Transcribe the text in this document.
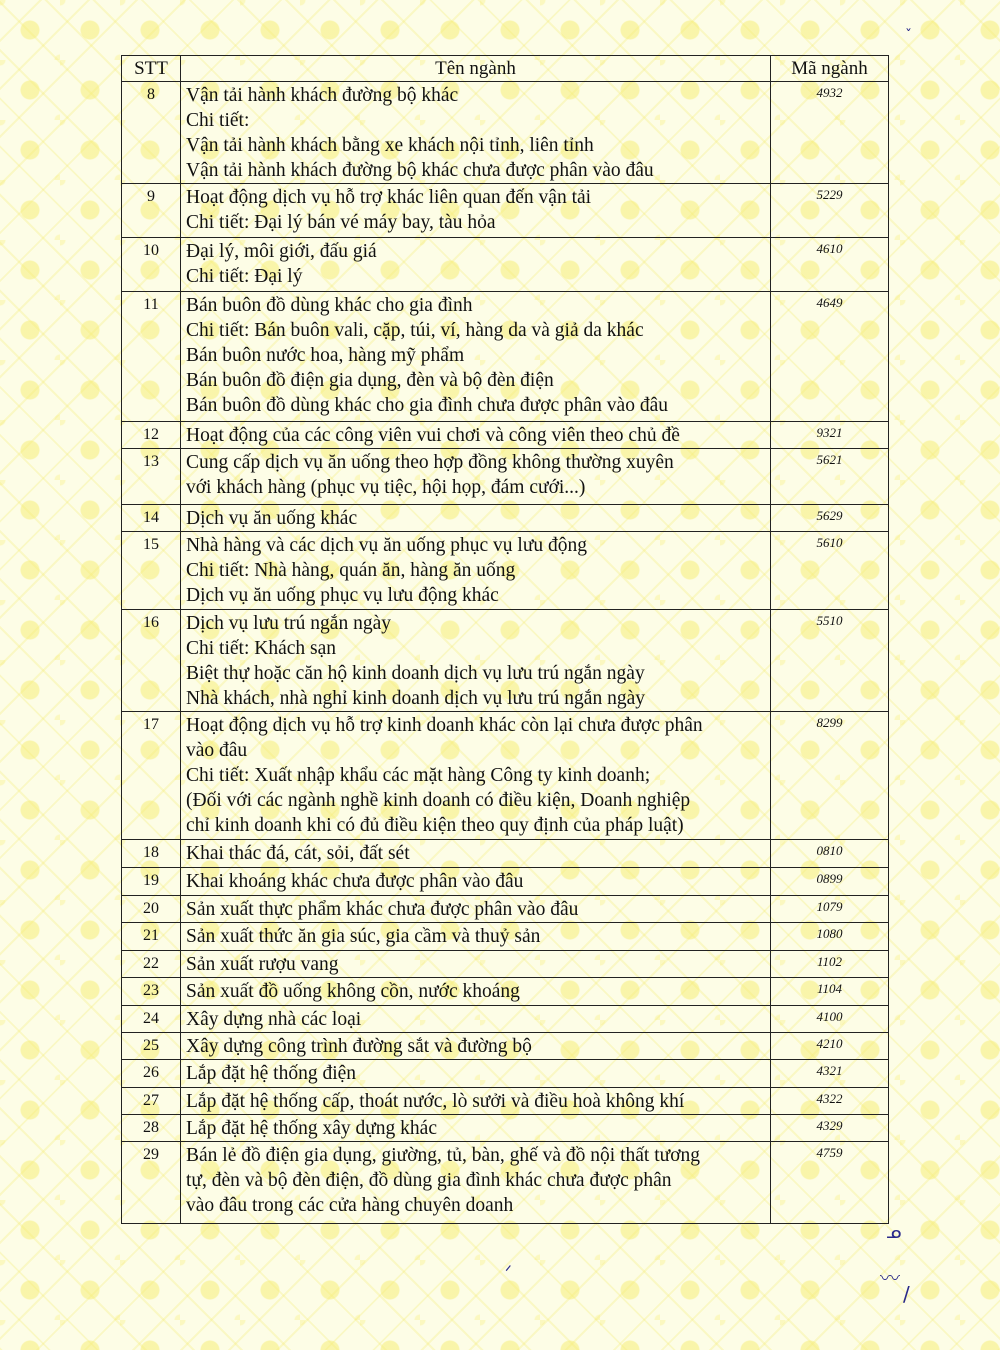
STT	Tên ngành	Mã ngành
8	Vận tải hành khách đường bộ khác
Chi tiết:
Vận tải hành khách bằng xe khách nội tỉnh, liên tỉnh
Vận tải hành khách đường bộ khác chưa được phân vào đâu	4932
9	Hoạt động dịch vụ hỗ trợ khác liên quan đến vận tải
Chi tiết: Đại lý bán vé máy bay, tàu hỏa	5229
10	Đại lý, môi giới, đấu giá
Chi tiết: Đại lý	4610
11	Bán buôn đồ dùng khác cho gia đình
Chi tiết: Bán buôn vali, cặp, túi, ví, hàng da và giả da khác
Bán buôn nước hoa, hàng mỹ phẩm
Bán buôn đồ điện gia dụng, đèn và bộ đèn điện
Bán buôn đồ dùng khác cho gia đình chưa được phân vào đâu	4649
12	Hoạt động của các công viên vui chơi và công viên theo chủ đề	9321
13	Cung cấp dịch vụ ăn uống theo hợp đồng không thường xuyên
với khách hàng (phục vụ tiệc, hội họp, đám cưới...)	5621
14	Dịch vụ ăn uống khác	5629
15	Nhà hàng và các dịch vụ ăn uống phục vụ lưu động
Chi tiết: Nhà hàng, quán ăn, hàng ăn uống
Dịch vụ ăn uống phục vụ lưu động khác	5610
16	Dịch vụ lưu trú ngắn ngày
Chi tiết: Khách sạn
Biệt thự hoặc căn hộ kinh doanh dịch vụ lưu trú ngắn ngày
Nhà khách, nhà nghỉ kinh doanh dịch vụ lưu trú ngắn ngày	5510
17	Hoạt động dịch vụ hỗ trợ kinh doanh khác còn lại chưa được phân
vào đâu
Chi tiết: Xuất nhập khẩu các mặt hàng Công ty kinh doanh;
(Đối với các ngành nghề kinh doanh có điều kiện, Doanh nghiệp
chỉ kinh doanh khi có đủ điều kiện theo quy định của pháp luật)	8299
18	Khai thác đá, cát, sỏi, đất sét	0810
19	Khai khoáng khác chưa được phân vào đâu	0899
20	Sản xuất thực phẩm khác chưa được phân vào đâu	1079
21	Sản xuất thức ăn gia súc, gia cầm và thuỷ sản	1080
22	Sản xuất rượu vang	1102
23	Sản xuất đồ uống không cồn, nước khoáng	1104
24	Xây dựng nhà các loại	4100
25	Xây dựng công trình đường sắt và đường bộ	4210
26	Lắp đặt hệ thống điện	4321
27	Lắp đặt hệ thống cấp, thoát nước, lò sưởi và điều hoà không khí	4322
28	Lắp đặt hệ thống xây dựng khác	4329
29	Bán lẻ đồ điện gia dụng, giường, tủ, bàn, ghế và đồ nội thất tương
tự, đèn và bộ đèn điện, đồ dùng gia đình khác chưa được phân
vào đâu trong các cửa hàng chuyên doanh	4759
ˇ
ᐟ
ᓄ
〰
/
